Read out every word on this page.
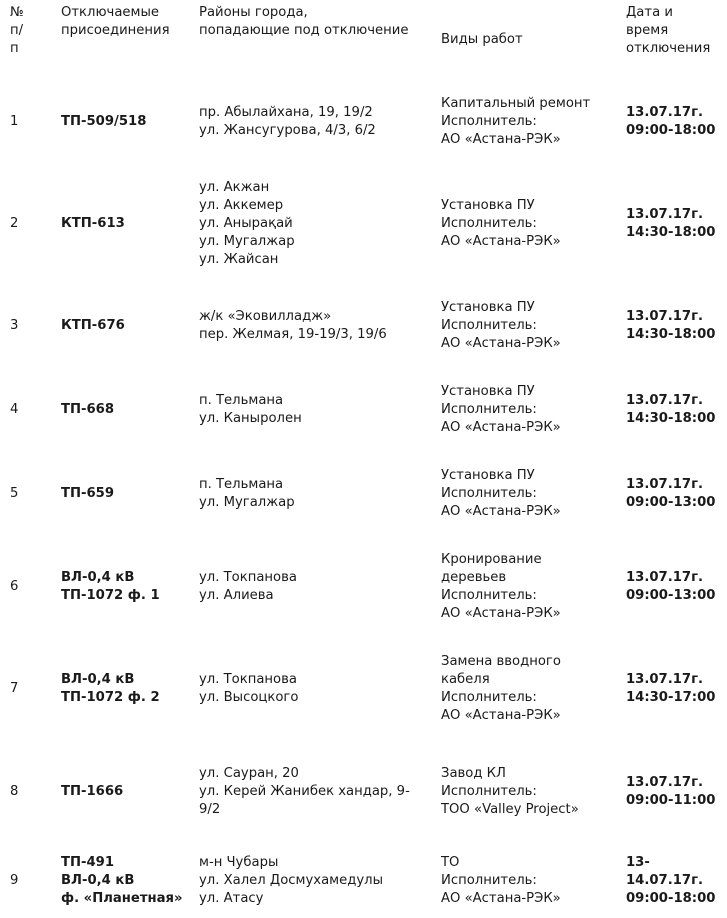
№
п/
п	Отключаемые
присоединения	Районы города,
попадающие под отключение	Виды работ	Дата и
время
отключения

1	ТП-509/518	пр. Абылайхана, 19, 19/2
ул. Жансугурова, 4/3, 6/2	Капитальный ремонт
Исполнитель:
АО «Астана-РЭК»	13.07.17г.
09:00-18:00

2	КТП-613	ул. Акжан
ул. Аккемер
ул. Анырақай
ул. Мугалжар
ул. Жайсан	Установка ПУ
Исполнитель:
АО «Астана-РЭК»	13.07.17г.
14:30-18:00

3	КТП-676	ж/к «Эковилладж»
пер. Желмая, 19-19/3, 19/6	Установка ПУ
Исполнитель:
АО «Астана-РЭК»	13.07.17г.
14:30-18:00

4	ТП-668	п. Тельмана
ул. Каныролен	Установка ПУ
Исполнитель:
АО «Астана-РЭК»	13.07.17г.
14:30-18:00

5	ТП-659	п. Тельмана
ул. Мугалжар	Установка ПУ
Исполнитель:
АО «Астана-РЭК»	13.07.17г.
09:00-13:00

6	ВЛ-0,4 кВ
ТП-1072 ф. 1	ул. Токпанова
ул. Алиева	Кронирование
деревьев
Исполнитель:
АО «Астана-РЭК»	13.07.17г.
09:00-13:00

7	ВЛ-0,4 кВ
ТП-1072 ф. 2	ул. Токпанова
ул. Высоцкого	Замена вводного
кабеля
Исполнитель:
АО «Астана-РЭК»	13.07.17г.
14:30-17:00

8	ТП-1666	ул. Сауран, 20
ул. Керей Жанибек хандар, 9-
9/2	Завод КЛ
Исполнитель:
ТОО «Valley Project»	13.07.17г.
09:00-11:00

9	ТП-491
ВЛ-0,4 кВ
ф. «Планетная»	м-н Чубары
ул. Халел Досмухамедулы
ул. Атасу	ТО
Исполнитель:
АО «Астана-РЭК»	13-
14.07.17г.
09:00-18:00
